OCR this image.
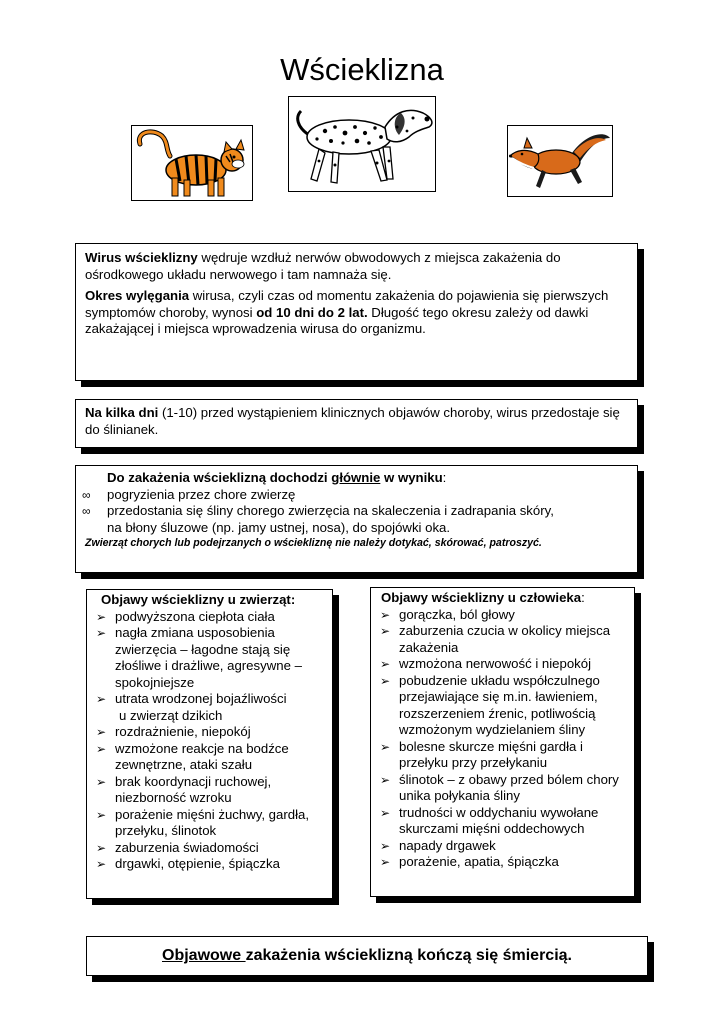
Wścieklizna

Wirus wścieklizny wędruje wzdłuż nerwów obwodowych z miejsca zakażenia do ośrodkowego układu nerwowego i tam namnaża się.

Okres wylęgania wirusa, czyli czas od momentu zakażenia do pojawienia się pierwszych symptomów choroby, wynosi od 10 dni do 2 lat. Długość tego okresu zależy od dawki zakażającej i miejsca wprowadzenia wirusa do organizmu.

Na kilka dni (1-10) przed wystąpieniem klinicznych objawów choroby, wirus przedostaje się do ślinianek.

Do zakażenia wścieklizną dochodzi głównie w wyniku:

∞ pogryzienia przez chore zwierzę

∞ przedostania się śliny chorego zwierzęcia na skaleczenia i zadrapania skóry,

na błony śluzowe (np. jamy ustnej, nosa), do spojówki oka.

Zwierząt chorych lub podejrzanych o wściekliznę nie należy dotykać, skórować, patroszyć.

Objawy wścieklizny u zwierząt:

➢ podwyższona ciepłota ciała
➢ nagła zmiana usposobienia zwierzęcia – łagodne stają się złośliwe i drażliwe, agresywne – spokojniejsze
➢ utrata wrodzonej bojaźliwości
u zwierząt dzikich
➢ rozdrażnienie, niepokój
➢ wzmożone reakcje na bodźce zewnętrzne, ataki szału
➢ brak koordynacji ruchowej, niezborność wzroku
➢ porażenie mięśni żuchwy, gardła, przełyku, ślinotok
➢ zaburzenia świadomości
➢ drgawki, otępienie, śpiączka

Objawy wścieklizny u człowieka:

➢ gorączka, ból głowy
➢ zaburzenia czucia w okolicy miejsca zakażenia
➢ wzmożona nerwowość i niepokój
➢ pobudzenie układu współczulnego przejawiające się m.in. ławieniem, rozszerzeniem źrenic, potliwością wzmożonym wydzielaniem śliny
➢ bolesne skurcze mięśni gardła i przełyku przy przełykaniu
➢ ślinotok – z obawy przed bólem chory unika połykania śliny
➢ trudności w oddychaniu wywołane skurczami mięśni oddechowych
➢ napady drgawek
➢ porażenie, apatia, śpiączka
Objawowe zakażenia wścieklizną kończą się śmiercią.
